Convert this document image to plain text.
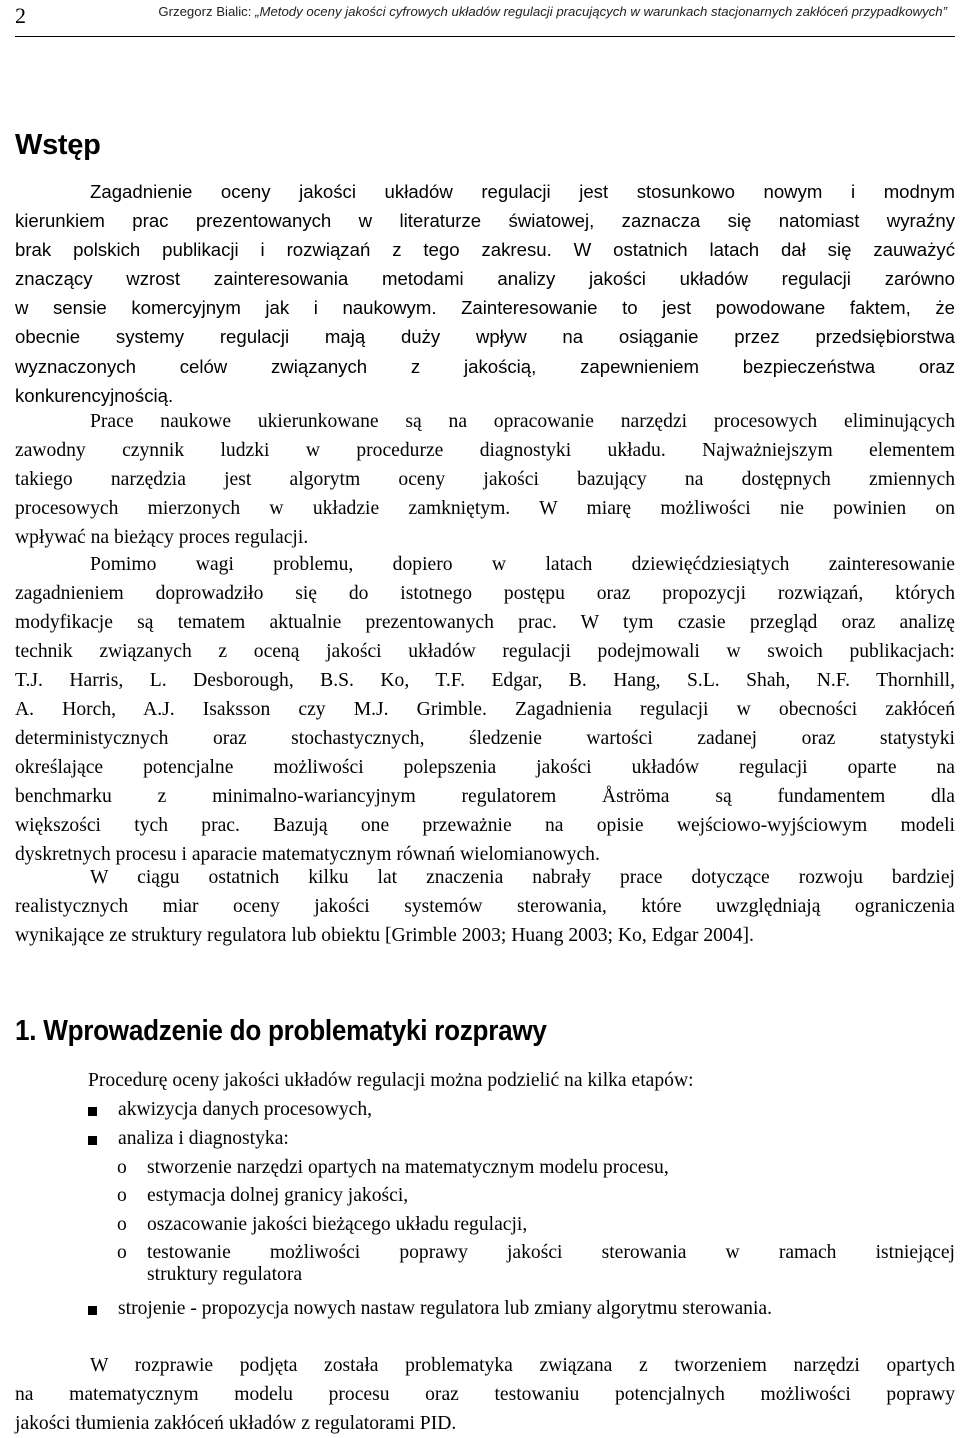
2	Grzegorz Bialic: „Metody oceny jakości cyfrowych układów regulacji pracujących w warunkach stacjonarnych zakłóceń przypadkowych”
Wstęp
Zagadnienie oceny jakości układów regulacji jest stosunkowo nowym i modnym
kierunkiem prac prezentowanych w literaturze światowej, zaznacza się natomiast wyraźny
brak polskich publikacji i rozwiązań z tego zakresu. W ostatnich latach dał się zauważyć
znaczący wzrost zainteresowania metodami analizy jakości układów regulacji zarówno
w sensie komercyjnym jak i naukowym. Zainteresowanie to jest powodowane faktem, że
obecnie systemy regulacji mają duży wpływ na osiąganie przez przedsiębiorstwa
wyznaczonych celów związanych z jakością, zapewnieniem bezpieczeństwa oraz
konkurencyjnością.
Prace naukowe ukierunkowane są na opracowanie narzędzi procesowych eliminujących
zawodny czynnik ludzki w procedurze diagnostyki układu. Najważniejszym elementem
takiego narzędzia jest algorytm oceny jakości bazujący na dostępnych zmiennych
procesowych mierzonych w układzie zamkniętym. W miarę możliwości nie powinien on
wpływać na bieżący proces regulacji.
Pomimo wagi problemu, dopiero w latach dziewięćdziesiątych zainteresowanie
zagadnieniem doprowadziło się do istotnego postępu oraz propozycji rozwiązań, których
modyfikacje są tematem aktualnie prezentowanych prac. W tym czasie przegląd oraz analizę
technik związanych z oceną jakości układów regulacji podejmowali w swoich publikacjach:
T.J. Harris, L. Desborough, B.S. Ko, T.F. Edgar, B. Hang, S.L. Shah, N.F. Thornhill,
A. Horch, A.J. Isaksson czy M.J. Grimble. Zagadnienia regulacji w obecności zakłóceń
deterministycznych oraz stochastycznych, śledzenie wartości zadanej oraz statystyki
określające potencjalne możliwości polepszenia jakości układów regulacji oparte na
benchmarku z minimalno-wariancyjnym regulatorem Åströma są fundamentem dla
większości tych prac. Bazują one przeważnie na opisie wejściowo-wyjściowym modeli
dyskretnych procesu i aparacie matematycznym równań wielomianowych.
W ciągu ostatnich kilku lat znaczenia nabrały prace dotyczące rozwoju bardziej
realistycznych miar oceny jakości systemów sterowania, które uwzględniają ograniczenia
wynikające ze struktury regulatora lub obiektu [Grimble 2003; Huang 2003; Ko, Edgar 2004].
1. Wprowadzenie do problematyki rozprawy
Procedurę oceny jakości układów regulacji można podzielić na kilka etapów:
akwizycja danych procesowych,
analiza i diagnostyka:
o stworzenie narzędzi opartych na matematycznym modelu procesu,
o estymacja dolnej granicy jakości,
o oszacowanie jakości bieżącego układu regulacji,
o testowanie możliwości poprawy jakości sterowania w ramach istniejącej
struktury regulatora
strojenie - propozycja nowych nastaw regulatora lub zmiany algorytmu sterowania.
W rozprawie podjęta została problematyka związana z tworzeniem narzędzi opartych
na matematycznym modelu procesu oraz testowaniu potencjalnych możliwości poprawy
jakości tłumienia zakłóceń układów z regulatorami PID.
